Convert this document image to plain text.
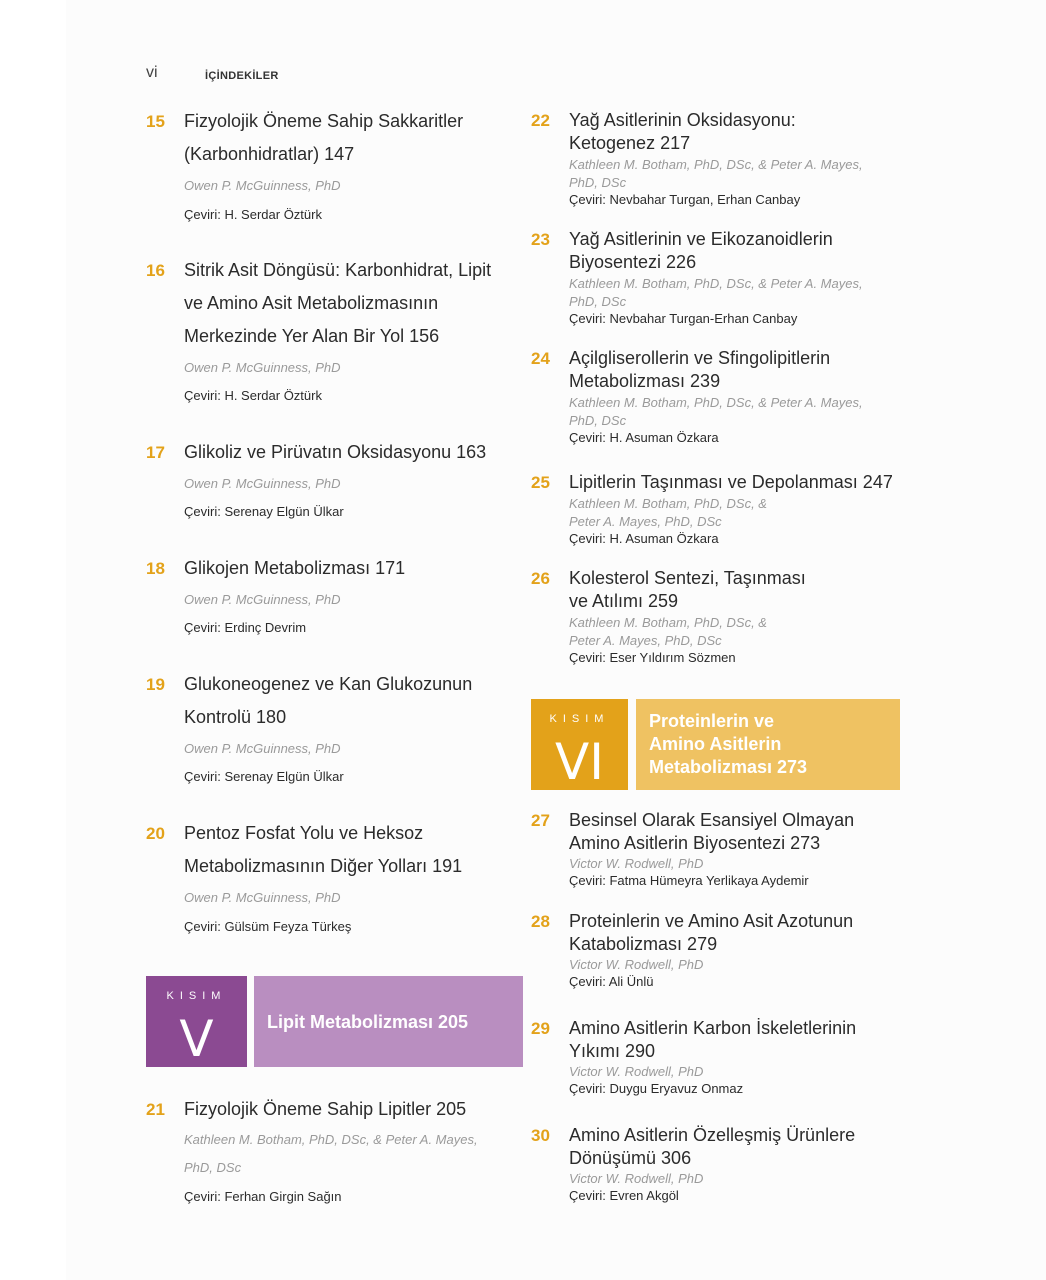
vi	İÇİNDEKİLER
15 Fizyolojik Öneme Sahip Sakkaritler (Karbonhidratlar) 147
Owen P. McGuinness, PhD
Çeviri: H. Serdar Öztürk
16 Sitrik Asit Döngüsü: Karbonhidrat, Lipit ve Amino Asit Metabolizmasının Merkezinde Yer Alan Bir Yol 156
Owen P. McGuinness, PhD
Çeviri: H. Serdar Öztürk
17 Glikoliz ve Pirüvatın Oksidasyonu 163
Owen P. McGuinness, PhD
Çeviri: Serenay Elgün Ülkar
18 Glikojen Metabolizması 171
Owen P. McGuinness, PhD
Çeviri: Erdinç Devrim
19 Glukoneogenez ve Kan Glukozunun Kontrolü 180
Owen P. McGuinness, PhD
Çeviri: Serenay Elgün Ülkar
20 Pentoz Fosfat Yolu ve Heksoz Metabolizmasının Diğer Yolları 191
Owen P. McGuinness, PhD
Çeviri: Gülsüm Feyza Türkeş
KISIM
V	Lipit Metabolizması 205
21 Fizyolojik Öneme Sahip Lipitler 205
Kathleen M. Botham, PhD, DSc, & Peter A. Mayes, PhD, DSc
Çeviri: Ferhan Girgin Sağın
22 Yağ Asitlerinin Oksidasyonu: Ketogenez 217
Kathleen M. Botham, PhD, DSc, & Peter A. Mayes, PhD, DSc
Çeviri: Nevbahar Turgan, Erhan Canbay
23 Yağ Asitlerinin ve Eikozanoidlerin Biyosentezi 226
Kathleen M. Botham, PhD, DSc, & Peter A. Mayes, PhD, DSc
Çeviri: Nevbahar Turgan-Erhan Canbay
24 Açilgliserollerin ve Sfingolipitlerin Metabolizması 239
Kathleen M. Botham, PhD, DSc, & Peter A. Mayes, PhD, DSc
Çeviri: H. Asuman Özkara
25 Lipitlerin Taşınması ve Depolanması 247
Kathleen M. Botham, PhD, DSc, & Peter A. Mayes, PhD, DSc
Çeviri: H. Asuman Özkara
26 Kolesterol Sentezi, Taşınması ve Atılımı 259
Kathleen M. Botham, PhD, DSc, & Peter A. Mayes, PhD, DSc
Çeviri: Eser Yıldırım Sözmen
KISIM
VI
Proteinlerin ve Amino Asitlerin Metabolizması 273
27 Besinsel Olarak Esansiyel Olmayan Amino Asitlerin Biyosentezi 273
Victor W. Rodwell, PhD
Çeviri: Fatma Hümeyra Yerlikaya Aydemir
28 Proteinlerin ve Amino Asit Azotunun Katabolizması 279
Victor W. Rodwell, PhD
Çeviri: Ali Ünlü
29 Amino Asitlerin Karbon İskeletlerinin Yıkımı 290
Victor W. Rodwell, PhD
Çeviri: Duygu Eryavuz Onmaz
30 Amino Asitlerin Özelleşmiş Ürünlere Dönüşümü 306
Victor W. Rodwell, PhD
Çeviri: Evren Akgöl
